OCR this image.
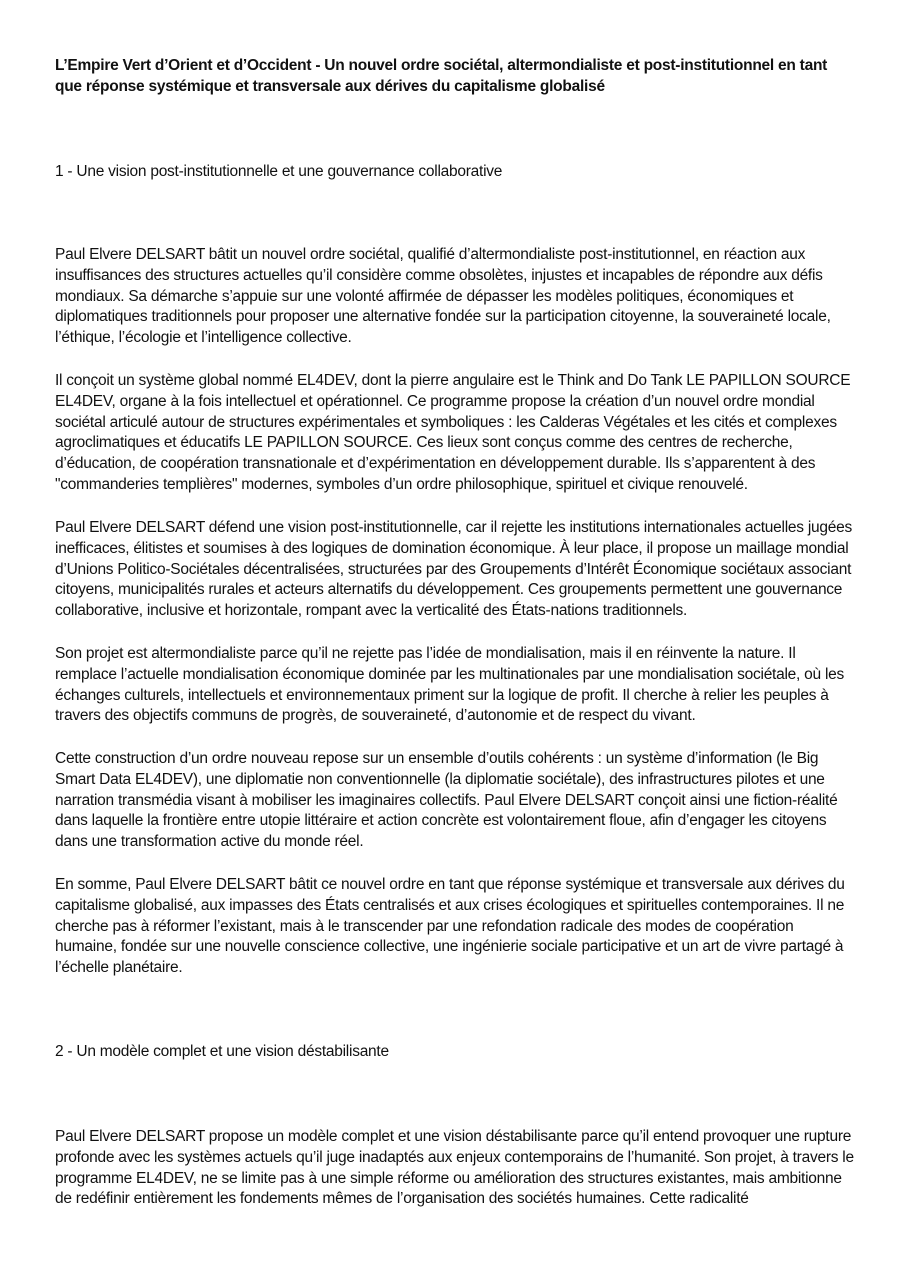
L’Empire Vert d’Orient et d’Occident - Un nouvel ordre sociétal, altermondialiste et post-institutionnel en tant que réponse systémique et transversale aux dérives du capitalisme globalisé

1 - Une vision post-institutionnelle et une gouvernance collaborative

Paul Elvere DELSART bâtit un nouvel ordre sociétal, qualifié d’altermondialiste post-institutionnel, en réaction aux insuffisances des structures actuelles qu’il considère comme obsolètes, injustes et incapables de répondre aux défis mondiaux. Sa démarche s’appuie sur une volonté affirmée de dépasser les modèles politiques, économiques et diplomatiques traditionnels pour proposer une alternative fondée sur la participation citoyenne, la souveraineté locale, l’éthique, l’écologie et l’intelligence collective.

Il conçoit un système global nommé EL4DEV, dont la pierre angulaire est le Think and Do Tank LE PAPILLON SOURCE EL4DEV, organe à la fois intellectuel et opérationnel. Ce programme propose la création d’un nouvel ordre mondial sociétal articulé autour de structures expérimentales et symboliques : les Calderas Végétales et les cités et complexes agroclimatiques et éducatifs LE PAPILLON SOURCE. Ces lieux sont conçus comme des centres de recherche, d’éducation, de coopération transnationale et d’expérimentation en développement durable. Ils s’apparentent à des "commanderies templières" modernes, symboles d’un ordre philosophique, spirituel et civique renouvelé.

Paul Elvere DELSART défend une vision post-institutionnelle, car il rejette les institutions internationales actuelles jugées inefficaces, élitistes et soumises à des logiques de domination économique. À leur place, il propose un maillage mondial d’Unions Politico-Sociétales décentralisées, structurées par des Groupements d’Intérêt Économique sociétaux associant citoyens, municipalités rurales et acteurs alternatifs du développement. Ces groupements permettent une gouvernance collaborative, inclusive et horizontale, rompant avec la verticalité des États-nations traditionnels.

Son projet est altermondialiste parce qu’il ne rejette pas l’idée de mondialisation, mais il en réinvente la nature. Il remplace l’actuelle mondialisation économique dominée par les multinationales par une mondialisation sociétale, où les échanges culturels, intellectuels et environnementaux priment sur la logique de profit. Il cherche à relier les peuples à travers des objectifs communs de progrès, de souveraineté, d’autonomie et de respect du vivant.

Cette construction d’un ordre nouveau repose sur un ensemble d’outils cohérents : un système d’information (le Big Smart Data EL4DEV), une diplomatie non conventionnelle (la diplomatie sociétale), des infrastructures pilotes et une narration transmédia visant à mobiliser les imaginaires collectifs. Paul Elvere DELSART conçoit ainsi une fiction-réalité dans laquelle la frontière entre utopie littéraire et action concrète est volontairement floue, afin d’engager les citoyens dans une transformation active du monde réel.

En somme, Paul Elvere DELSART bâtit ce nouvel ordre en tant que réponse systémique et transversale aux dérives du capitalisme globalisé, aux impasses des États centralisés et aux crises écologiques et spirituelles contemporaines. Il ne cherche pas à réformer l’existant, mais à le transcender par une refondation radicale des modes de coopération humaine, fondée sur une nouvelle conscience collective, une ingénierie sociale participative et un art de vivre partagé à l’échelle planétaire.

2 - Un modèle complet et une vision déstabilisante

Paul Elvere DELSART propose un modèle complet et une vision déstabilisante parce qu’il entend provoquer une rupture profonde avec les systèmes actuels qu’il juge inadaptés aux enjeux contemporains de l’humanité. Son projet, à travers le programme EL4DEV, ne se limite pas à une simple réforme ou amélioration des structures existantes, mais ambitionne de redéfinir entièrement les fondements mêmes de l’organisation des sociétés humaines. Cette radicalité
